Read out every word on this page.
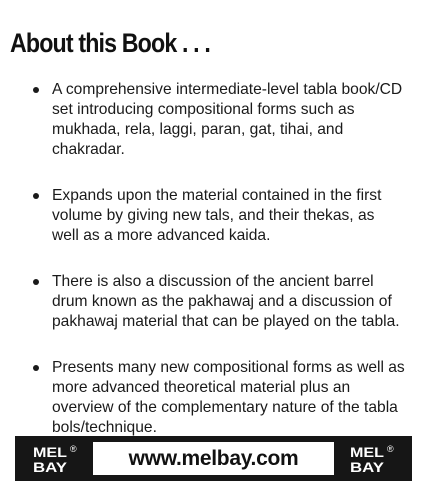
About this Book . . .
A comprehensive intermediate-level tabla book/CD set introducing compositional forms such as mukhada, rela, laggi, paran, gat, tihai, and chakradar.
Expands upon the material contained in the first volume by giving new tals, and their thekas, as well as a more advanced kaida.
There is also a discussion of the ancient barrel drum known as the pakhawaj and a discussion of pakhawaj material that can be played on the tabla.
Presents many new compositional forms as well as more advanced theoretical material plus an overview of the complementary nature of the tabla bols/technique.
MEL
BAY
® www.melbay.com	MEL
BAY
®
